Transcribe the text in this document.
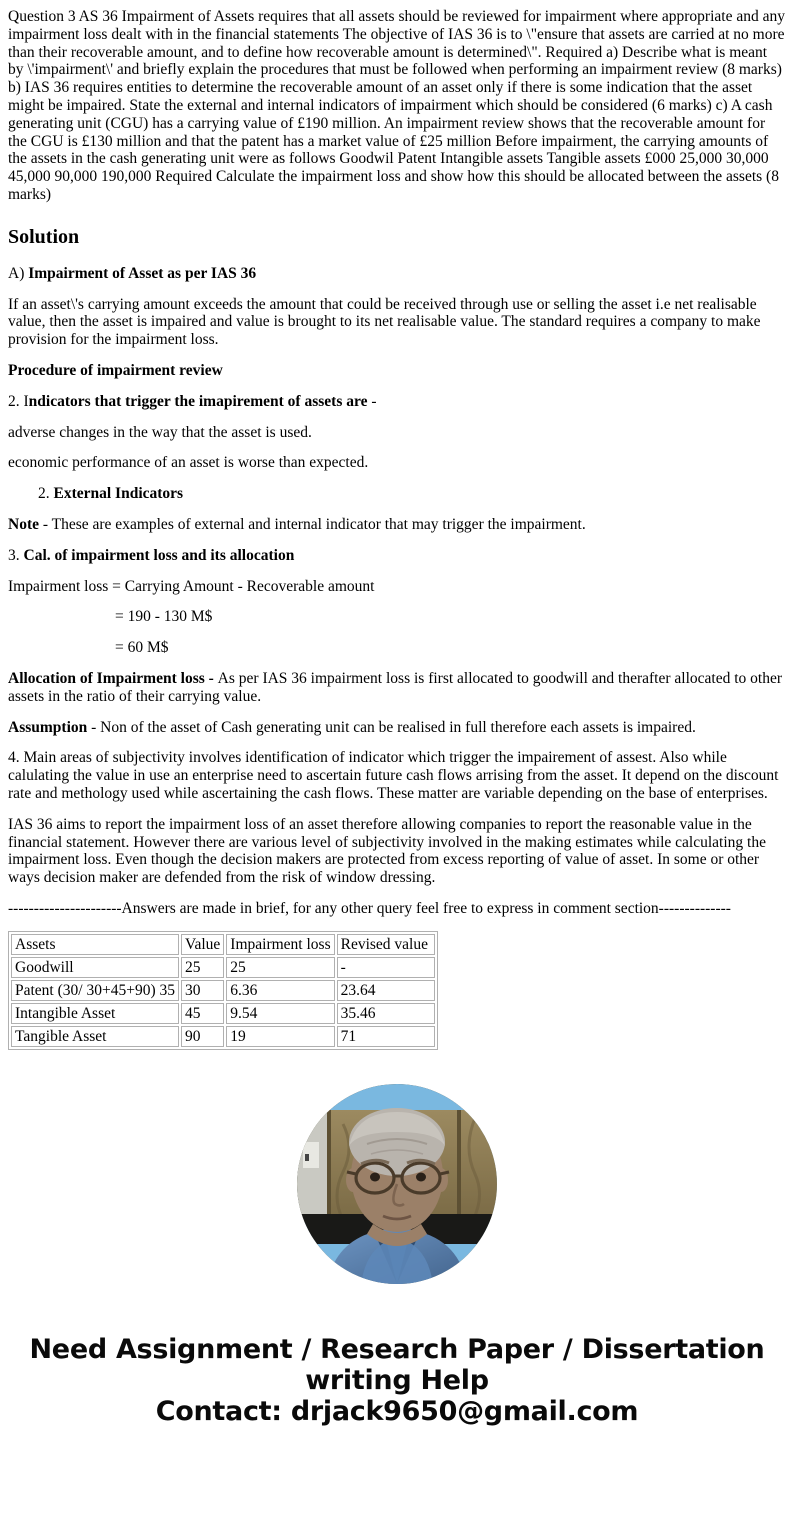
Question 3 AS 36 Impairment of Assets requires that all assets should be reviewed for impairment where appropriate and any impairment loss dealt with in the financial statements The objective of IAS 36 is to \"ensure that assets are carried at no more than their recoverable amount, and to define how recoverable amount is determined\". Required a) Describe what is meant by \'impairment\' and briefly explain the procedures that must be followed when performing an impairment review (8 marks) b) IAS 36 requires entities to determine the recoverable amount of an asset only if there is some indication that the asset might be impaired. State the external and internal indicators of impairment which should be considered (6 marks) c) A cash generating unit (CGU) has a carrying value of £190 million. An impairment review shows that the recoverable amount for the CGU is £130 million and that the patent has a market value of £25 million Before impairment, the carrying amounts of the assets in the cash generating unit were as follows Goodwil Patent Intangible assets Tangible assets £000 25,000 30,000 45,000 90,000 190,000 Required Calculate the impairment loss and show how this should be allocated between the assets (8 marks)
Solution
A) Impairment of Asset as per IAS 36
If an asset\'s carrying amount exceeds the amount that could be received through use or selling the asset i.e net realisable value, then the asset is impaired and value is brought to its net realisable value. The standard requires a company to make provision for the impairment loss.
Procedure of impairment review
2. Indicators that trigger the imapirement of assets are -
adverse changes in the way that the asset is used.
economic performance of an asset is worse than expected.
2. External Indicators
Note - These are examples of external and internal indicator that may trigger the impairment.
3. Cal. of impairment loss and its allocation
Impairment loss = Carrying Amount - Recoverable amount
= 190 - 130 M$
= 60 M$
Allocation of Impairment loss - As per IAS 36 impairment loss is first allocated to goodwill and therafter allocated to other assets in the ratio of their carrying value.
Assumption - Non of the asset of Cash generating unit can be realised in full therefore each assets is impaired.
4. Main areas of subjectivity involves identification of indicator which trigger the impairement of assest. Also while calulating the value in use an enterprise need to ascertain future cash flows arrising from the asset. It depend on the discount rate and methology used while ascertaining the cash flows. These matter are variable depending on the base of enterprises.
IAS 36 aims to report the impairment loss of an asset therefore allowing companies to report the reasonable value in the financial statement. However there are various level of subjectivity involved in the making estimates while calculating the impairment loss. Even though the decision makers are protected from excess reporting of value of asset. In some or other ways decision maker are defended from the risk of window dressing.
----------------------Answers are made in brief, for any other query feel free to express in comment section--------------
Assets	Value	Impairment loss	Revised value
Goodwill	25	25	-
Patent (30/ 30+45+90) 35	30	6.36	23.64
Intangible Asset	45	9.54	35.46
Tangible Asset	90	19	71
Need Assignment / Research Paper / Dissertation
writing Help
Contact: drjack9650@gmail.com
